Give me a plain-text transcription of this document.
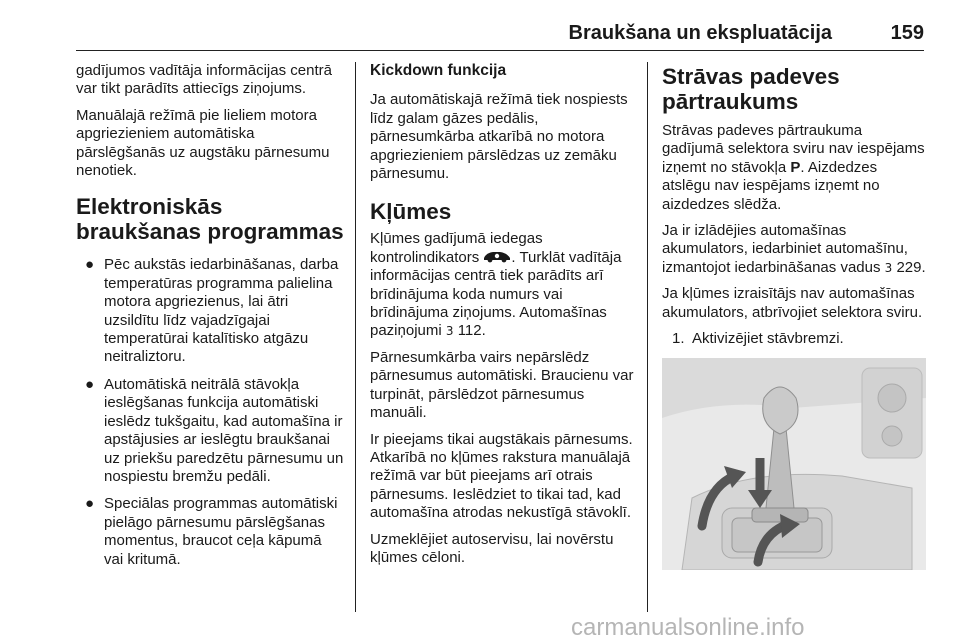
Braukšana un ekspluatācija	159

gadījumos vadītāja informācijas centrā var tikt parādīts attiecīgs ziņojums.

Manuālajā režīmā pie lieliem motora apgriezieniem automātiska pārslēgšanās uz augstāku pārnesumu nenotiek.

Elektroniskās braukšanas programmas
● Pēc aukstās iedarbināšanas, darba temperatūras programma palielina motora apgriezienus, lai ātri uzsildītu līdz vajadzīgajai temperatūrai katalītisko atgāzu neitraliztoru.
● Automātiskā neitrālā stāvokļa ieslēgšanas funkcija automātiski ieslēdz tukšgaitu, kad automašīna ir apstājusies ar ieslēgtu braukšanai uz priekšu paredzētu pārnesumu un nospiestu bremžu pedāli.
● Speciālas programmas automātiski pielāgo pārnesumu pārslēgšanas momentus, braucot ceļa kāpumā vai kritumā.
Kickdown funkcija

Ja automātiskajā režīmā tiek nospiests līdz galam gāzes pedālis, pārnesumkārba atkarībā no motora apgriezieniem pārslēdzas uz zemāku pārnesumu.

Kļūmes

Kļūmes gadījumā iedegas kontrolindikators . Turklāt vadītāja informācijas centrā tiek parādīts arī brīdinājuma koda numurs vai brīdinājuma ziņojums. Automašīnas paziņojumi 3 112.

Pārnesumkārba vairs nepārslēdz pārnesumus automātiski. Braucienu var turpināt, pārslēdzot pārnesumus manuāli.

Ir pieejams tikai augstākais pārnesums. Atkarībā no kļūmes rakstura manuālajā režīmā var būt pieejams arī otrais pārnesums. Ieslēdziet to tikai tad, kad automašīna atrodas nekustīgā stāvoklī.

Uzmeklējiet autoservisu, lai novērstu kļūmes cēloni.

Strāvas padeves pārtraukums

Strāvas padeves pārtraukuma gadījumā selektora sviru nav iespējams izņemt no stāvokļa P. Aizdedzes atslēgu nav iespējams izņemt no aizdedzes slēdža.

Ja ir izlādējies automašīnas akumulators, iedarbiniet automašīnu, izmantojot iedarbināšanas vadus 3 229.

Ja kļūmes izraisītājs nav automašīnas akumulators, atbrīvojiet selektora sviru.

1. Aktivizējiet stāvbremzi.
carmanualsonline.info
